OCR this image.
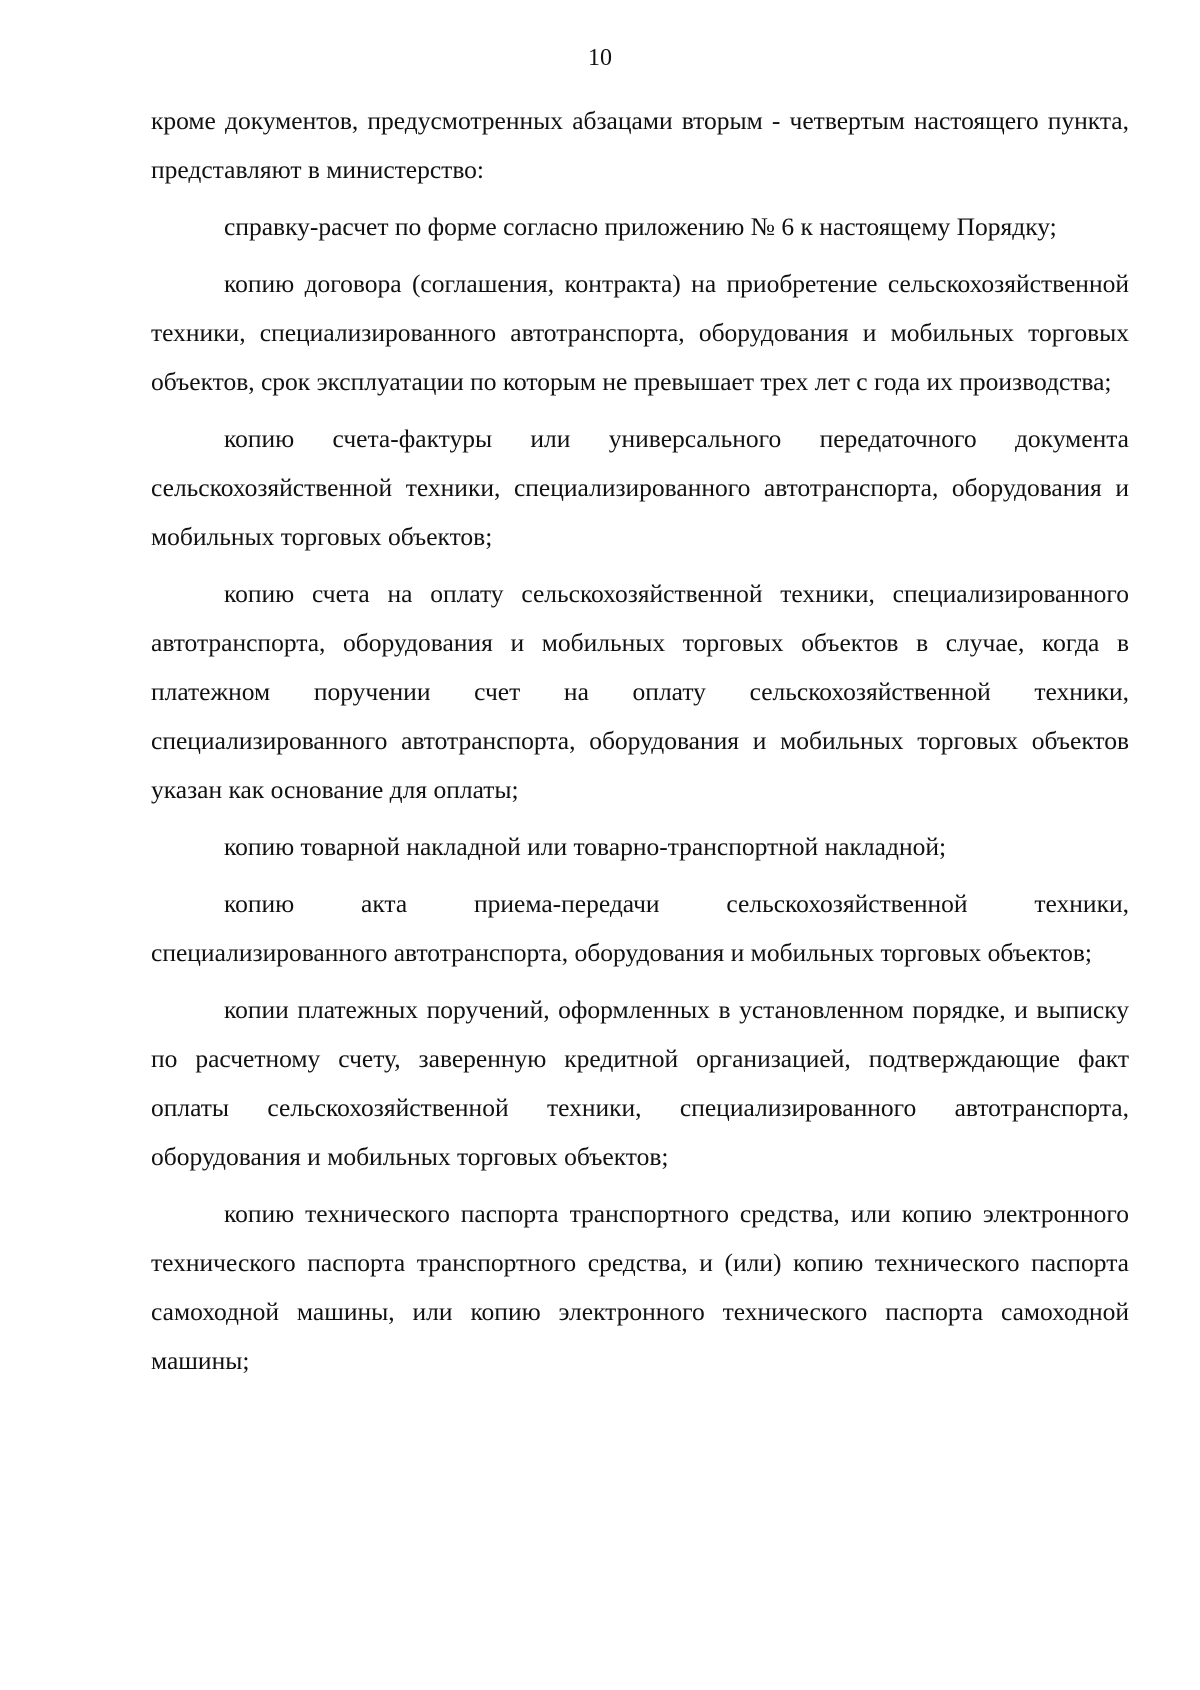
10

кроме документов, предусмотренных абзацами вторым - четвертым настоящего пункта, представляют в министерство:

справку-расчет по форме согласно приложению № 6 к настоящему Порядку;

копию договора (соглашения, контракта) на приобретение сельскохозяйственной техники, специализированного автотранспорта, оборудования и мобильных торговых объектов, срок эксплуатации по которым не превышает трех лет с года их производства;

копию счета-фактуры или универсального передаточного документа сельскохозяйственной техники, специализированного автотранспорта, оборудования и мобильных торговых объектов;

копию счета на оплату сельскохозяйственной техники, специализированного автотранспорта, оборудования и мобильных торговых объектов в случае, когда в платежном поручении счет на оплату сельскохозяйственной техники, специализированного автотранспорта, оборудования и мобильных торговых объектов указан как основание для оплаты;

копию товарной накладной или товарно-транспортной накладной;

копию акта приема-передачи сельскохозяйственной техники, специализированного автотранспорта, оборудования и мобильных торговых объектов;

копии платежных поручений, оформленных в установленном порядке, и выписку по расчетному счету, заверенную кредитной организацией, подтверждающие факт оплаты сельскохозяйственной техники, специализированного автотранспорта, оборудования и мобильных торговых объектов;

копию технического паспорта транспортного средства, или копию электронного технического паспорта транспортного средства, и (или) копию технического паспорта самоходной машины, или копию электронного технического паспорта самоходной машины;
